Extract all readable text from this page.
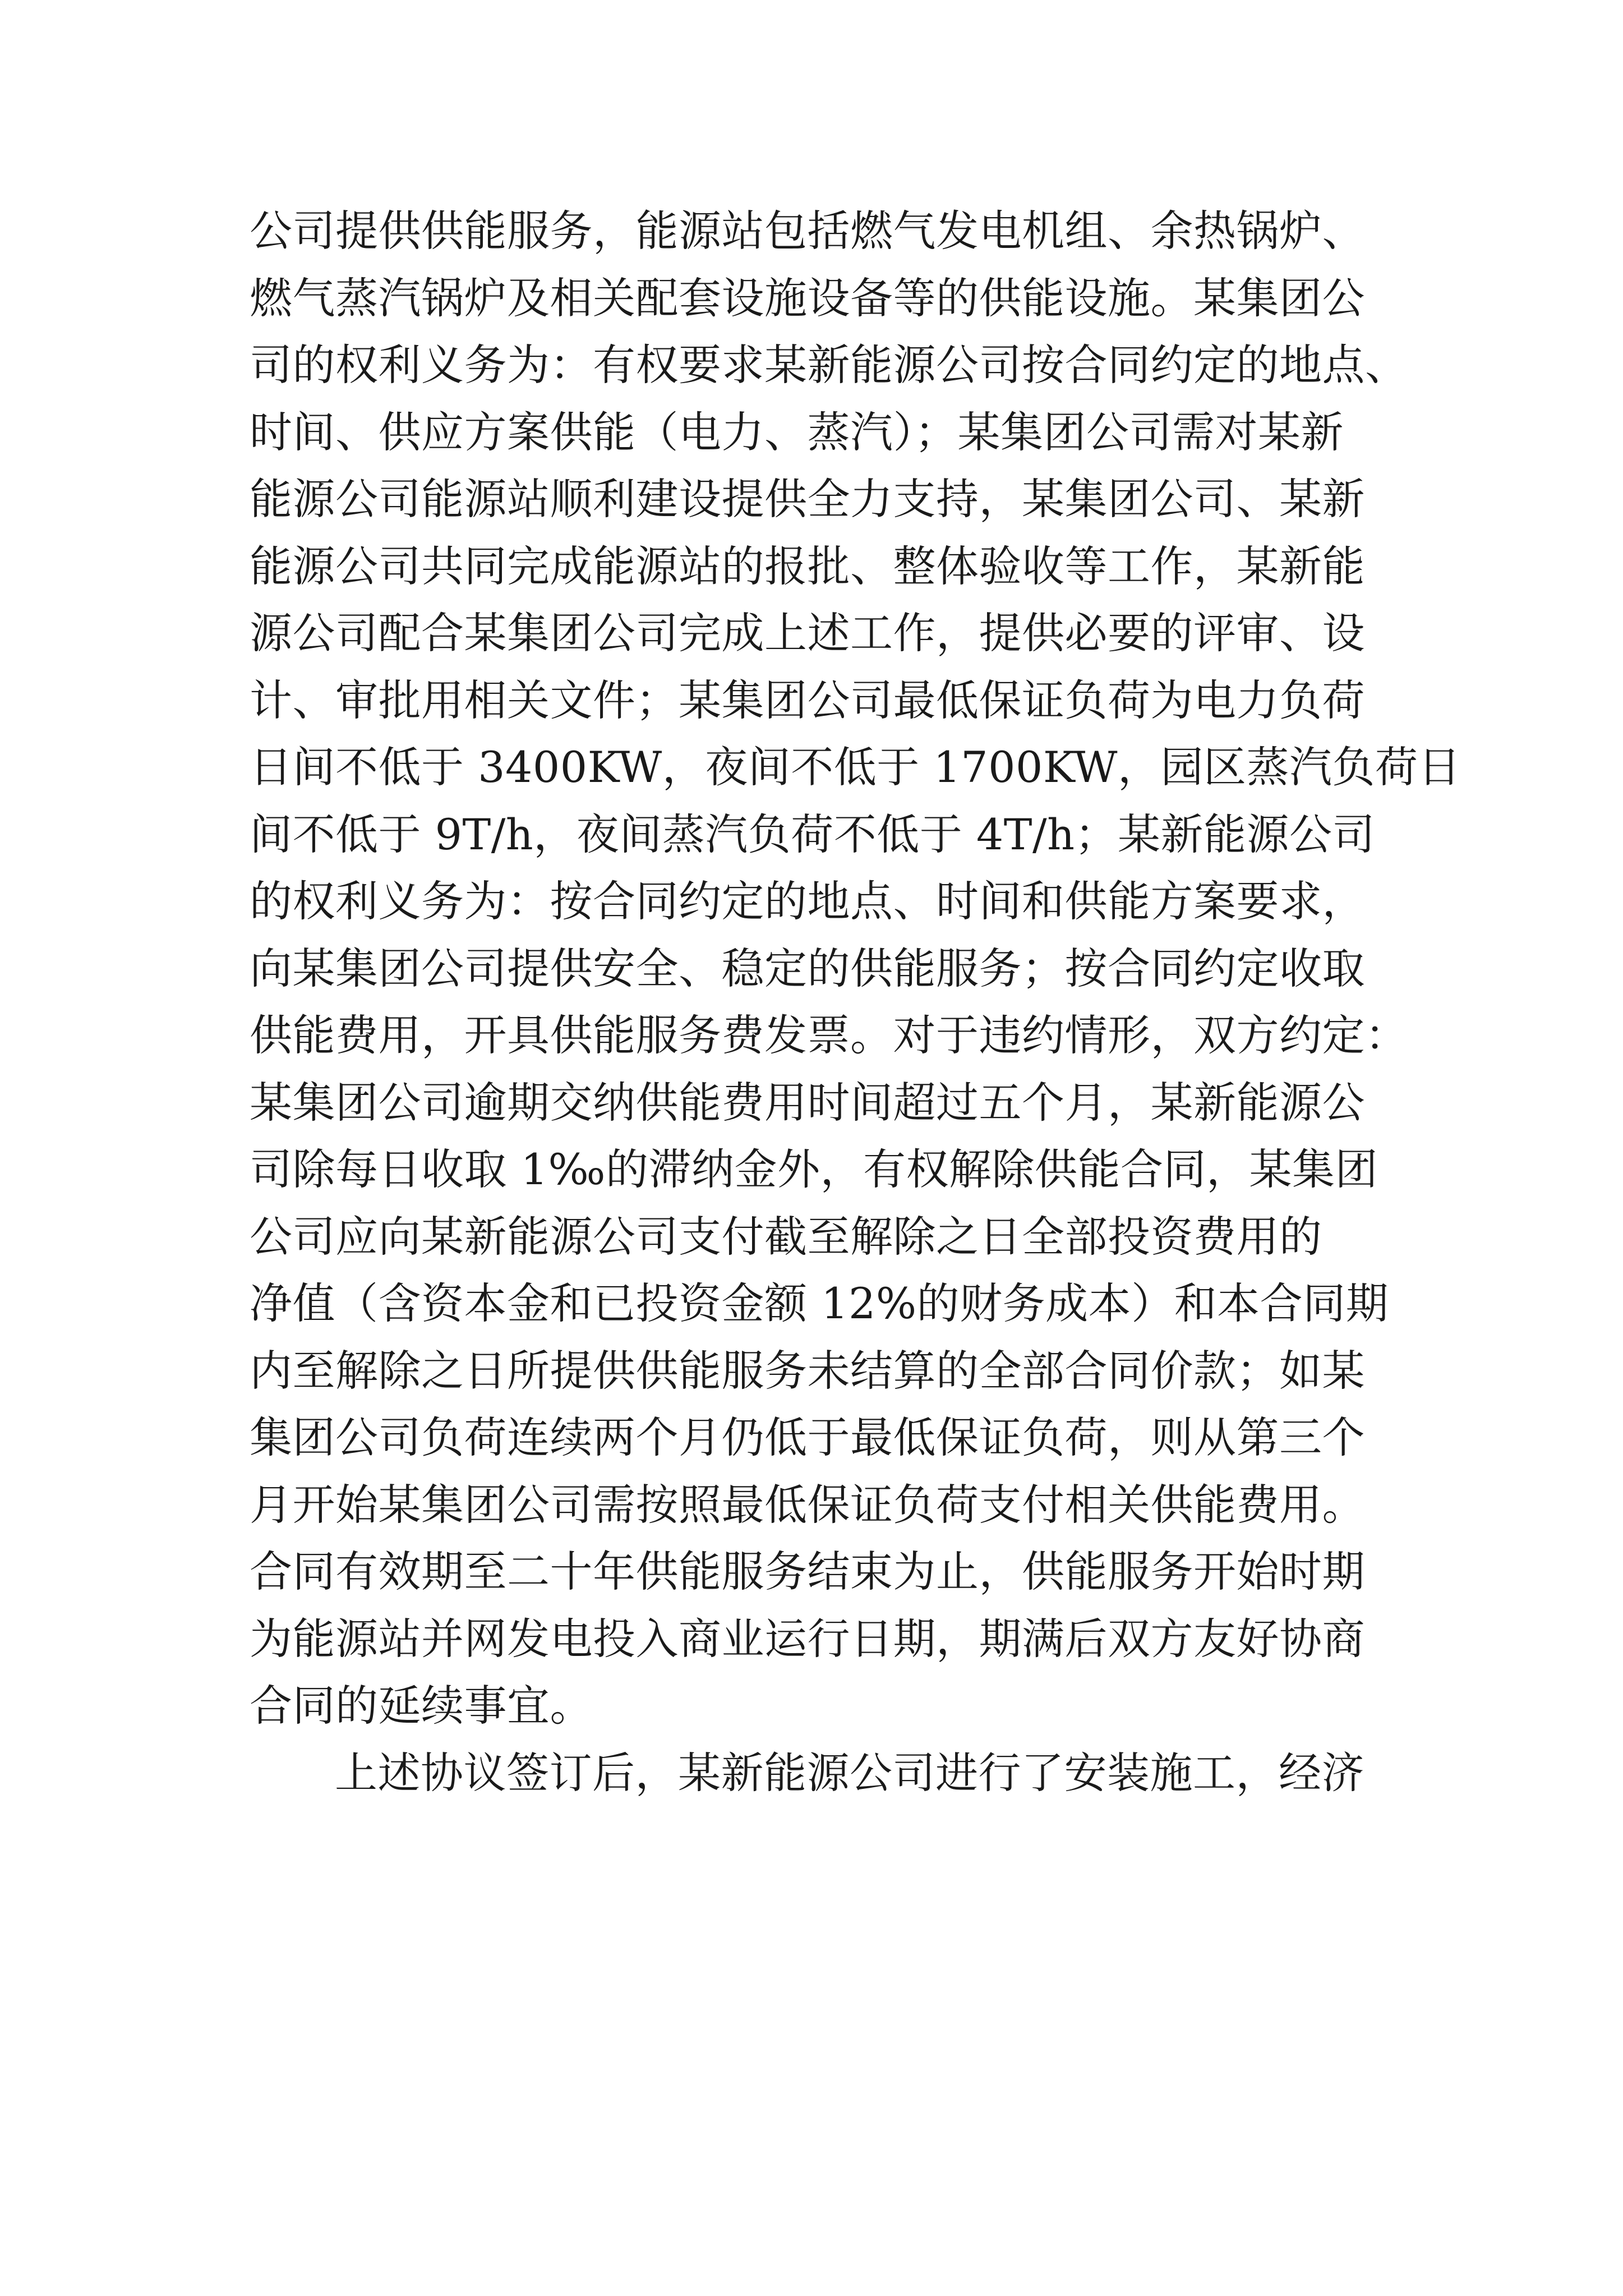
公司提供供能服务，能源站包括燃气发电机组、余热锅炉、
燃气蒸汽锅炉及相关配套设施设备等的供能设施。某集团公
司的权利义务为：有权要求某新能源公司按合同约定的地点、
时间、供应方案供能（电力、蒸汽）；某集团公司需对某新
能源公司能源站顺利建设提供全力支持，某集团公司、某新
能源公司共同完成能源站的报批、整体验收等工作，某新能
源公司配合某集团公司完成上述工作，提供必要的评审、设
计、审批用相关文件；某集团公司最低保证负荷为电力负荷
日间不低于 3400KW，夜间不低于 1700KW，园区蒸汽负荷日
间不低于 9T/h，夜间蒸汽负荷不低于 4T/h；某新能源公司
的权利义务为：按合同约定的地点、时间和供能方案要求，
向某集团公司提供安全、稳定的供能服务；按合同约定收取
供能费用，开具供能服务费发票。对于违约情形，双方约定：
某集团公司逾期交纳供能费用时间超过五个月，某新能源公
司除每日收取 1‰的滞纳金外，有权解除供能合同，某集团
公司应向某新能源公司支付截至解除之日全部投资费用的
净值（含资本金和已投资金额 12%的财务成本）和本合同期
内至解除之日所提供供能服务未结算的全部合同价款；如某
集团公司负荷连续两个月仍低于最低保证负荷，则从第三个
月开始某集团公司需按照最低保证负荷支付相关供能费用。
合同有效期至二十年供能服务结束为止，供能服务开始时期
为能源站并网发电投入商业运行日期，期满后双方友好协商
合同的延续事宜。
上述协议签订后，某新能源公司进行了安装施工，经济
